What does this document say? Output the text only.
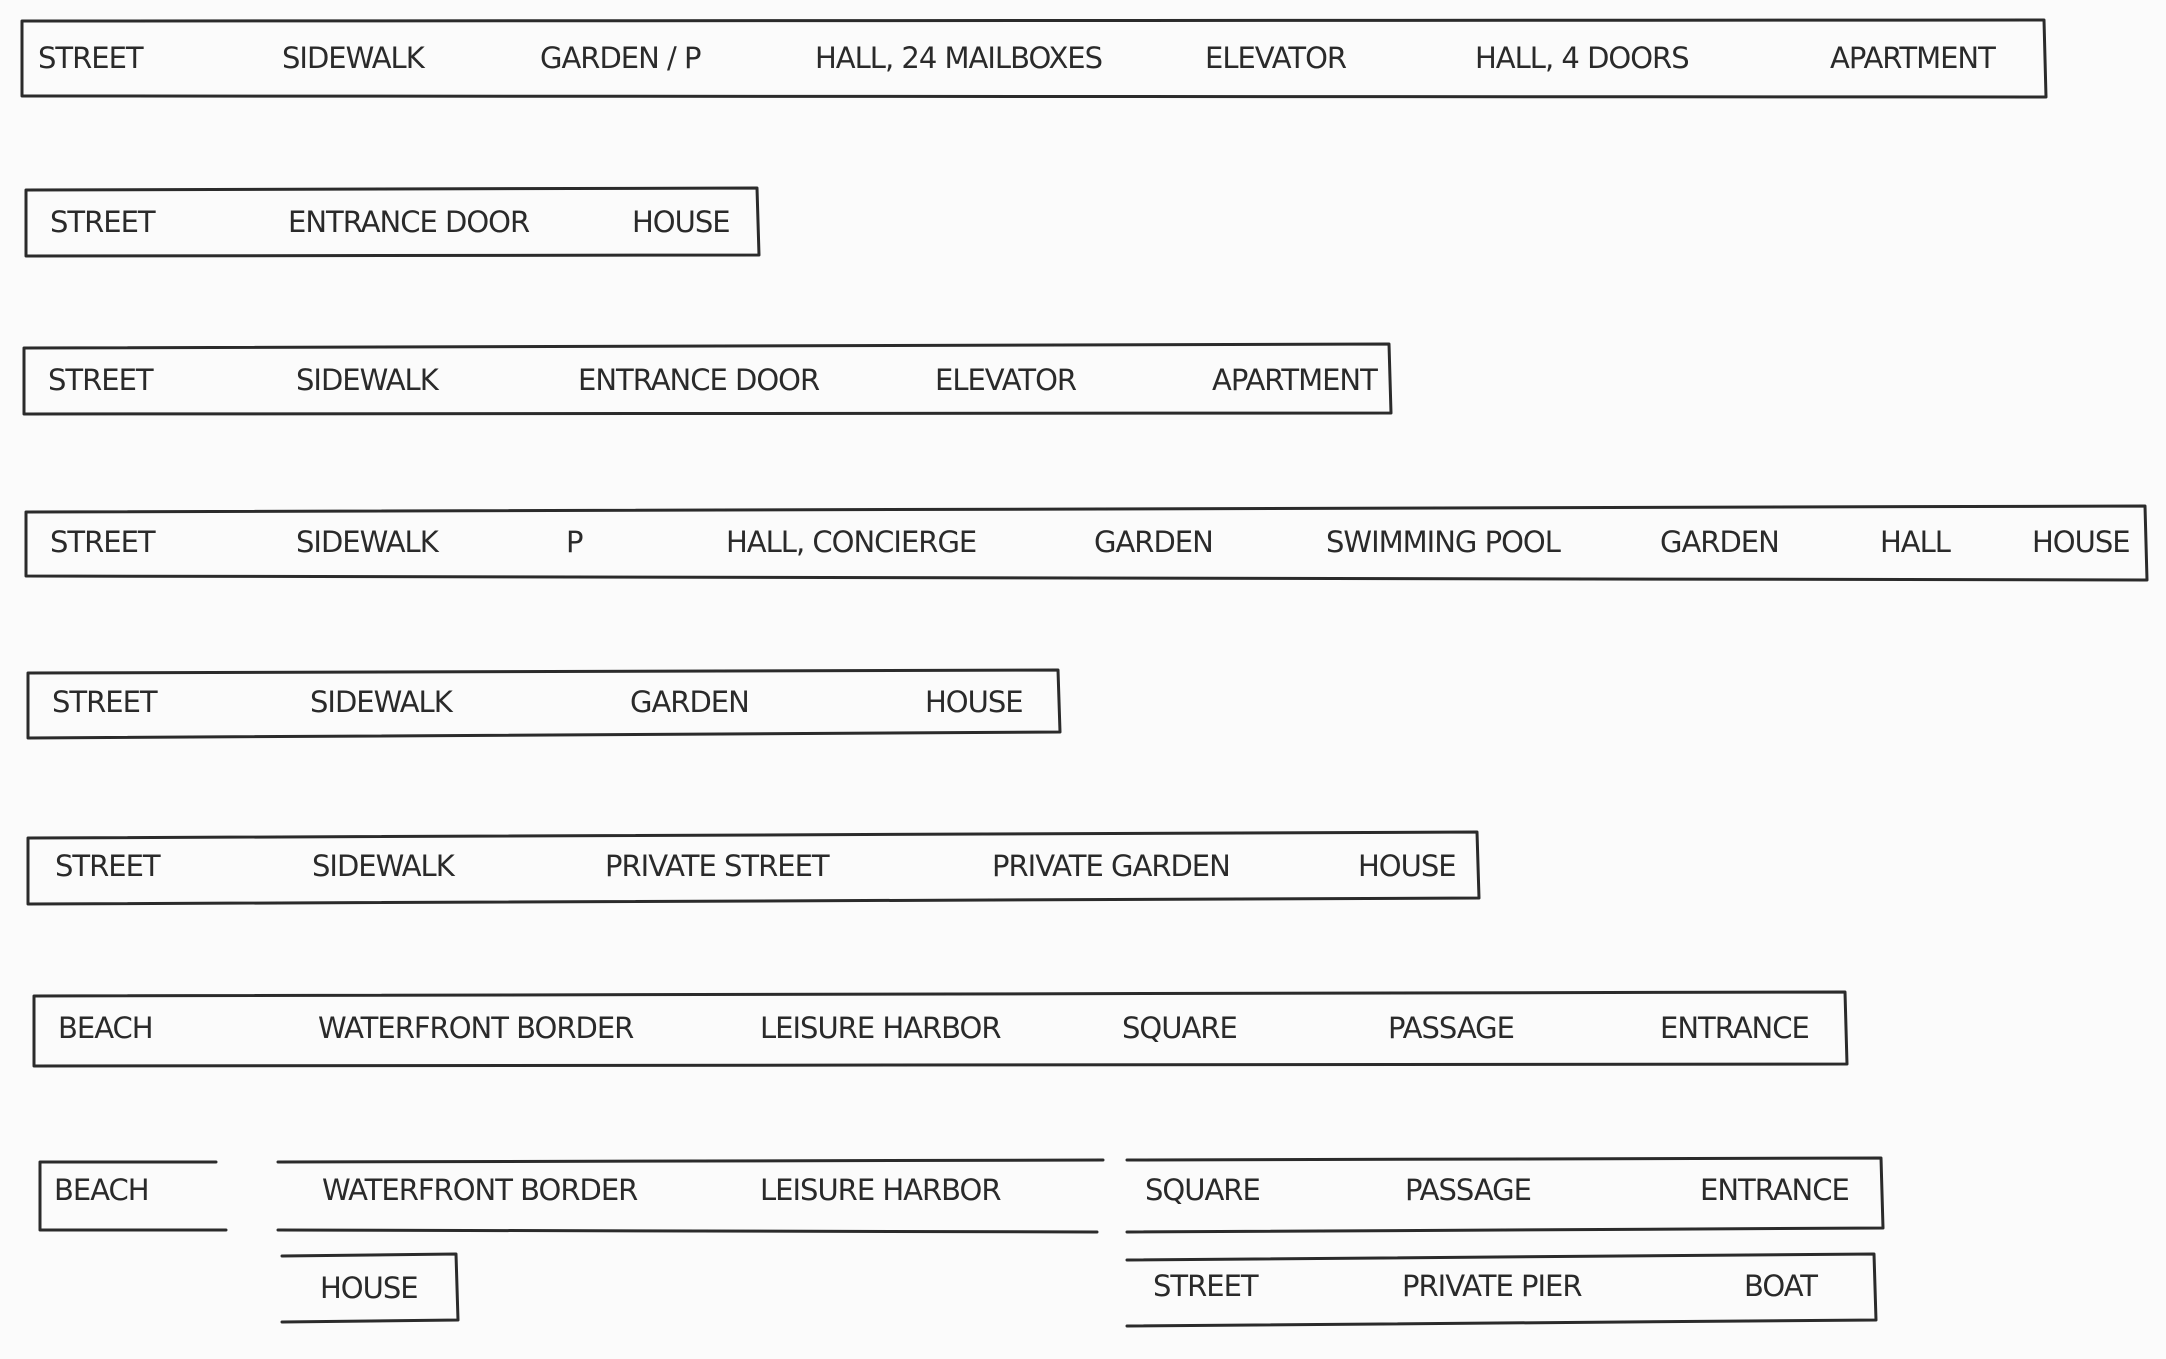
STREET	SIDEWALK	GARDEN / P	HALL, 24 MAILBOXES	ELEVATOR	HALL, 4 DOORS	APARTMENT
STREET	ENTRANCE DOOR	HOUSE
STREET	SIDEWALK	ENTRANCE DOOR	ELEVATOR	APARTMENT
STREET	SIDEWALK	P	HALL, CONCIERGE	GARDEN	SWIMMING POOL	GARDEN	HALL	HOUSE
STREET	SIDEWALK	GARDEN	HOUSE
STREET	SIDEWALK	PRIVATE STREET	PRIVATE GARDEN	HOUSE
BEACH	WATERFRONT BORDER	LEISURE HARBOR	SQUARE	PASSAGE	ENTRANCE
BEACH	WATERFRONT BORDER	LEISURE HARBOR	SQUARE	PASSAGE	ENTRANCE
HOUSE	STREET	PRIVATE PIER	BOAT
